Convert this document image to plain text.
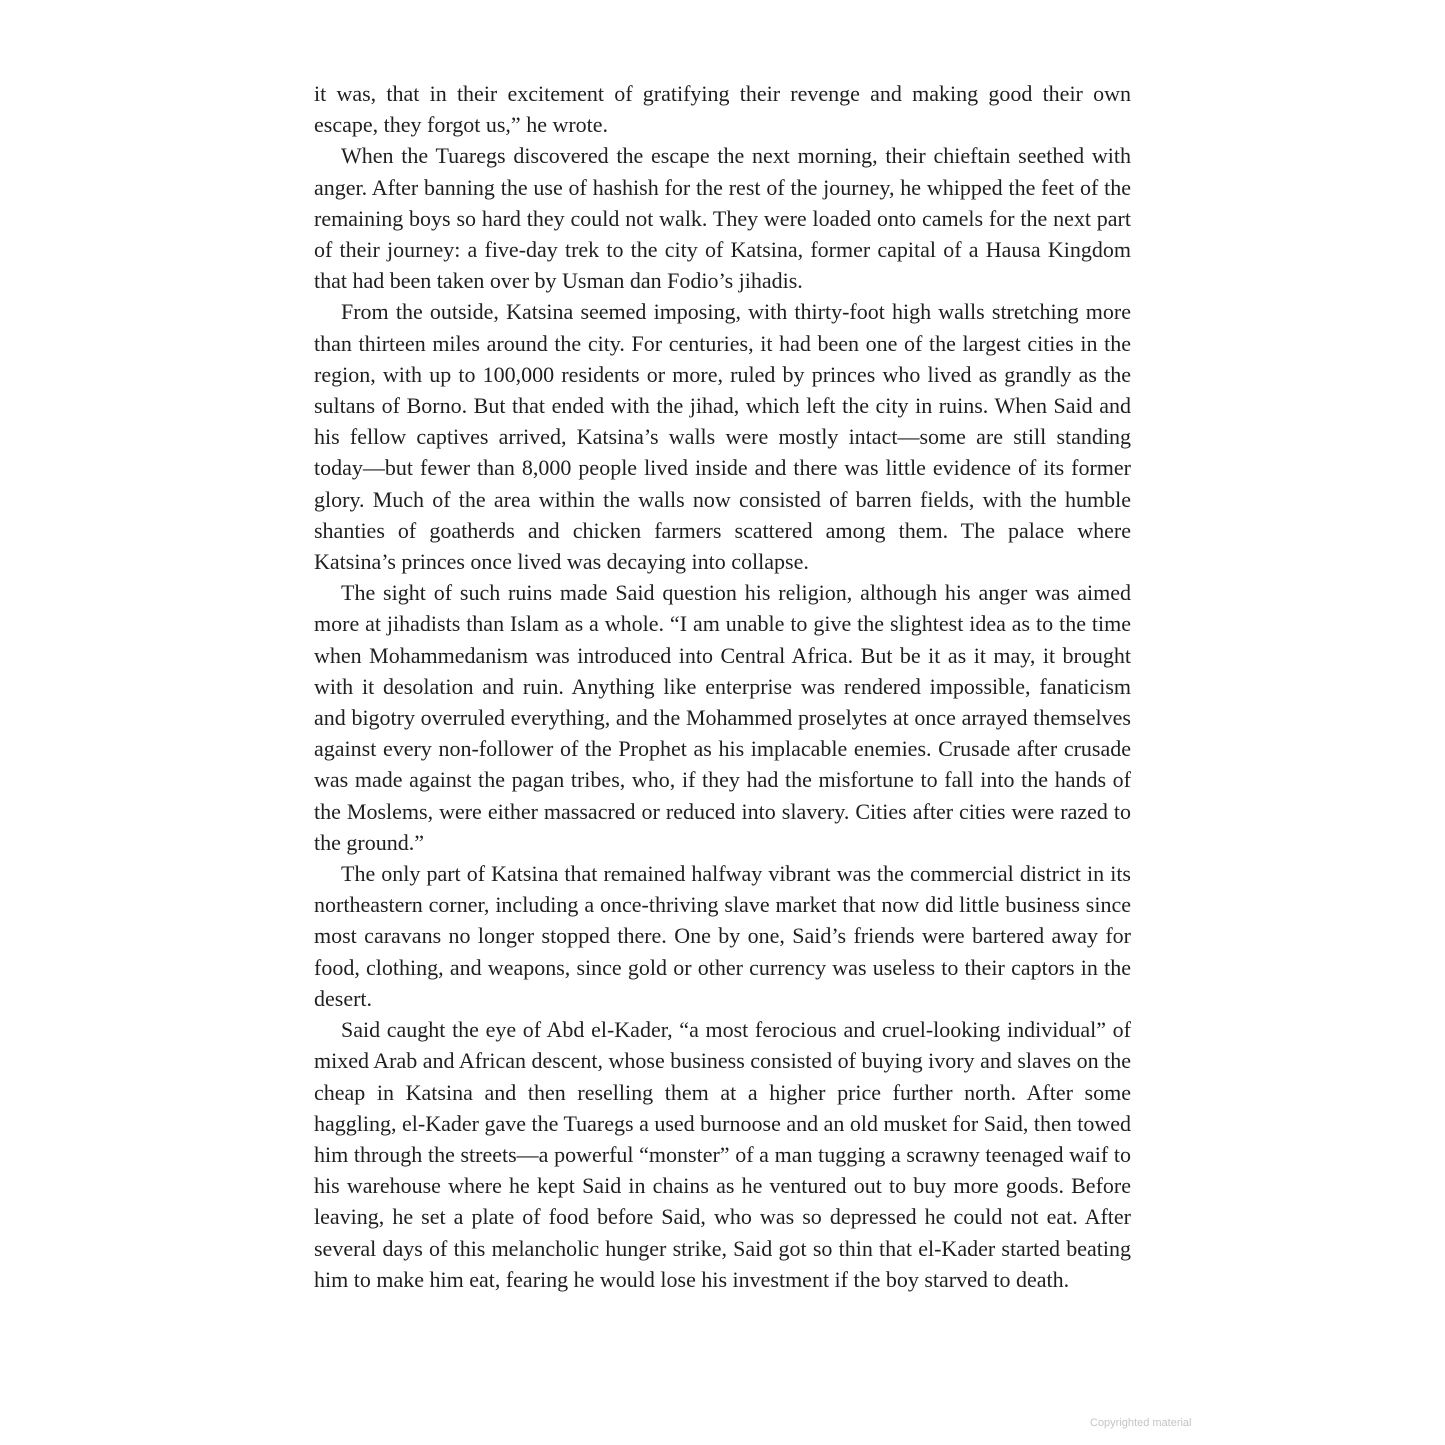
it was, that in their excitement of gratifying their revenge and making good their own escape, they forgot us,” he wrote.

When the Tuaregs discovered the escape the next morning, their chieftain seethed with anger. After banning the use of hashish for the rest of the journey, he whipped the feet of the remaining boys so hard they could not walk. They were loaded onto camels for the next part of their journey: a five-day trek to the city of Katsina, former capital of a Hausa Kingdom that had been taken over by Usman dan Fodio’s jihadis.

From the outside, Katsina seemed imposing, with thirty-foot high walls stretching more than thirteen miles around the city. For centuries, it had been one of the largest cities in the region, with up to 100,000 residents or more, ruled by princes who lived as grandly as the sultans of Borno. But that ended with the jihad, which left the city in ruins. When Said and his fellow captives arrived, Katsina’s walls were mostly intact—some are still standing today—but fewer than 8,000 people lived inside and there was little evidence of its former glory. Much of the area within the walls now consisted of barren fields, with the humble shanties of goatherds and chicken farmers scattered among them. The palace where Katsina’s princes once lived was decaying into collapse.

The sight of such ruins made Said question his religion, although his anger was aimed more at jihadists than Islam as a whole. “I am unable to give the slightest idea as to the time when Mohammedanism was introduced into Central Africa. But be it as it may, it brought with it desolation and ruin. Anything like enterprise was rendered impossible, fanaticism and bigotry overruled everything, and the Mohammed proselytes at once arrayed themselves against every non-follower of the Prophet as his implacable enemies. Crusade after crusade was made against the pagan tribes, who, if they had the misfortune to fall into the hands of the Moslems, were either massacred or reduced into slavery. Cities after cities were razed to the ground.”

The only part of Katsina that remained halfway vibrant was the commercial district in its northeastern corner, including a once-thriving slave market that now did little business since most caravans no longer stopped there. One by one, Said’s friends were bartered away for food, clothing, and weapons, since gold or other currency was useless to their captors in the desert.

Said caught the eye of Abd el-Kader, “a most ferocious and cruel-looking individual” of mixed Arab and African descent, whose business consisted of buying ivory and slaves on the cheap in Katsina and then reselling them at a higher price further north. After some haggling, el-Kader gave the Tuaregs a used burnoose and an old musket for Said, then towed him through the streets—a powerful “monster” of a man tugging a scrawny teenaged waif to his warehouse where he kept Said in chains as he ventured out to buy more goods. Before leaving, he set a plate of food before Said, who was so depressed he could not eat. After several days of this melancholic hunger strike, Said got so thin that el-Kader started beating him to make him eat, fearing he would lose his investment if the boy starved to death.

Copyrighted material
